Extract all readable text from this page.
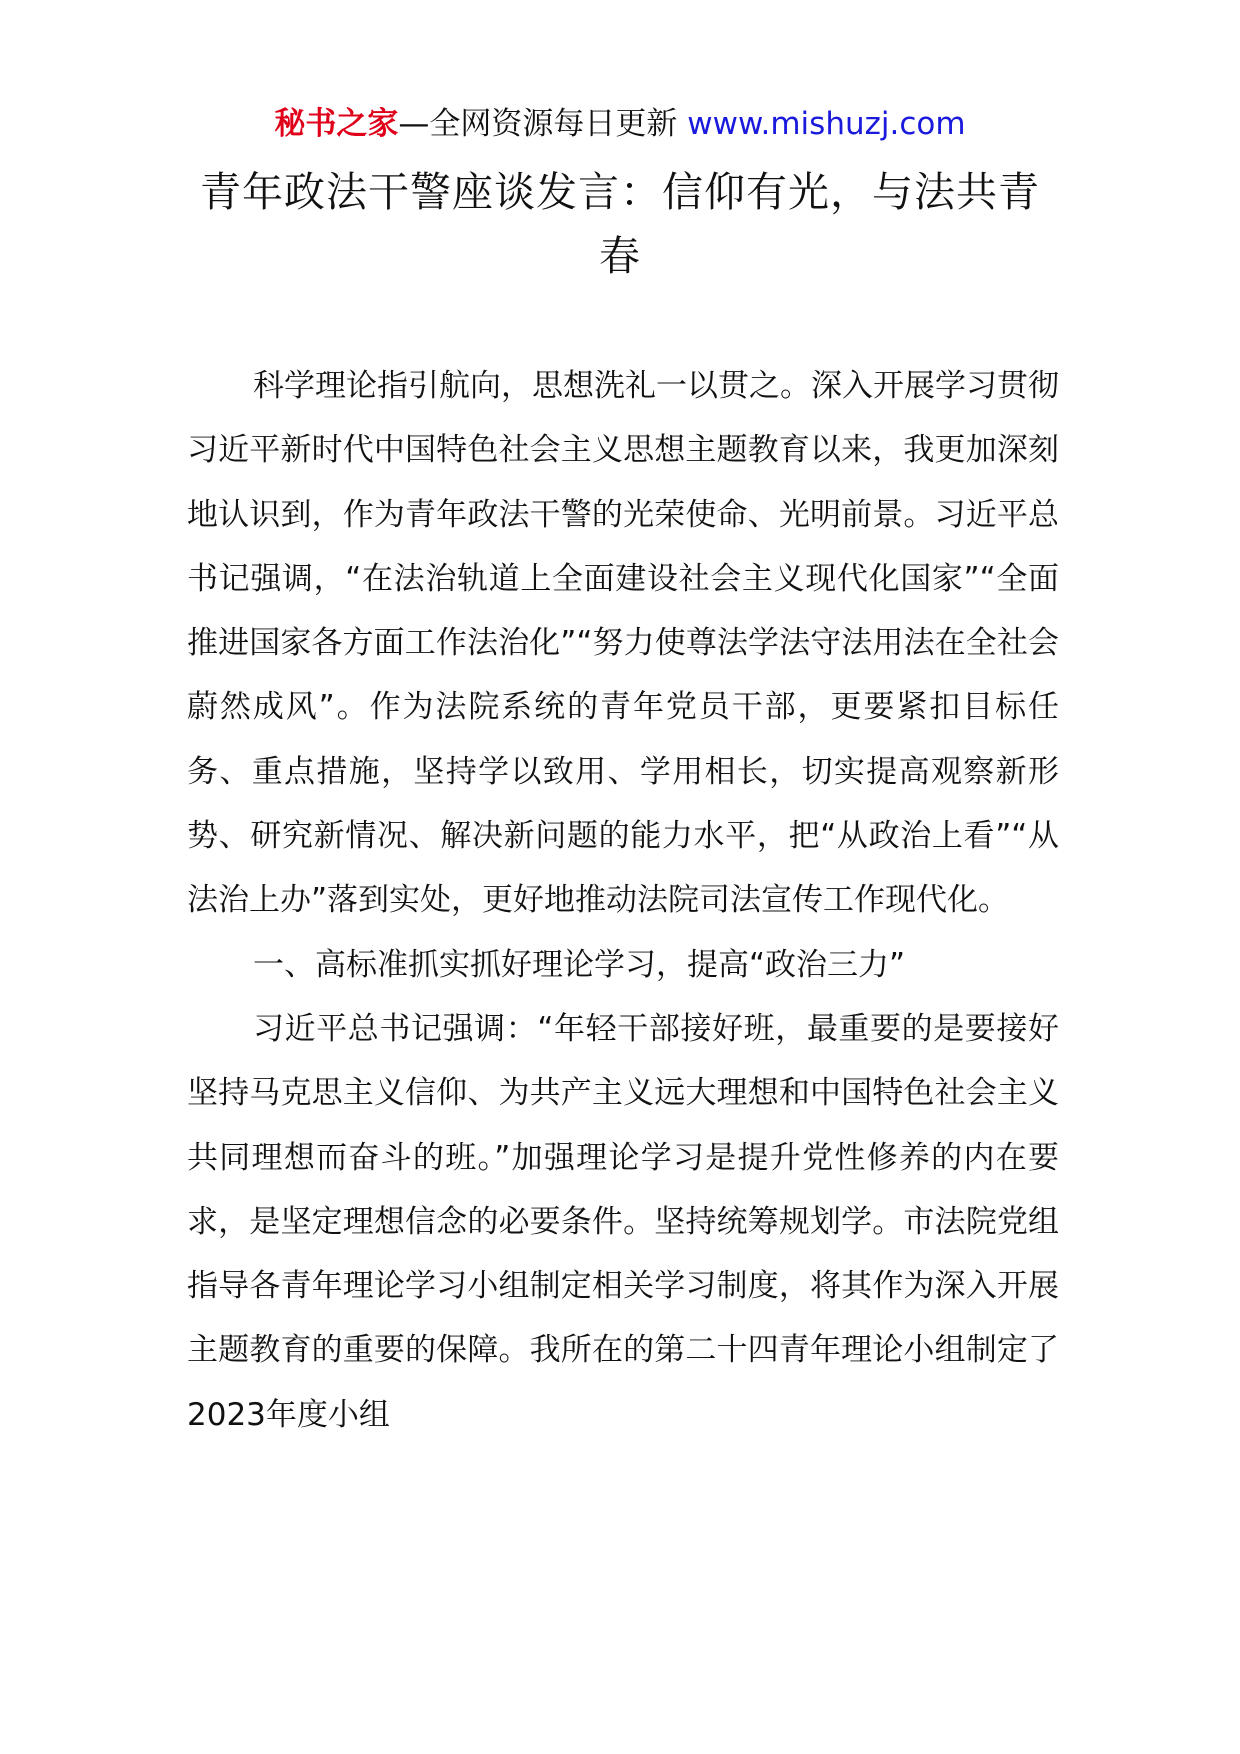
秘书之家—全网资源每日更新 www.mishuzj.com
青年政法干警座谈发言：信仰有光，与法共青春

科学理论指引航向，思想洗礼一以贯之。深入开展学习贯彻习近平新时代中国特色社会主义思想主题教育以来，我更加深刻地认识到，作为青年政法干警的光荣使命、光明前景。习近平总书记强调，“在法治轨道上全面建设社会主义现代化国家”“全面推进国家各方面工作法治化”“努力使尊法学法守法用法在全社会蔚然成风”。作为法院系统的青年党员干部，更要紧扣目标任务、重点措施，坚持学以致用、学用相长，切实提高观察新形势、研究新情况、解决新问题的能力水平，把“从政治上看”“从法治上办”落到实处，更好地推动法院司法宣传工作现代化。

一、高标准抓实抓好理论学习，提高“政治三力”

习近平总书记强调：“年轻干部接好班，最重要的是要接好坚持马克思主义信仰、为共产主义远大理想和中国特色社会主义共同理想而奋斗的班。”加强理论学习是提升党性修养的内在要求，是坚定理想信念的必要条件。坚持统筹规划学。市法院党组指导各青年理论学习小组制定相关学习制度，将其作为深入开展主题教育的重要的保障。我所在的第二十四青年理论小组制定了2023年度小组
